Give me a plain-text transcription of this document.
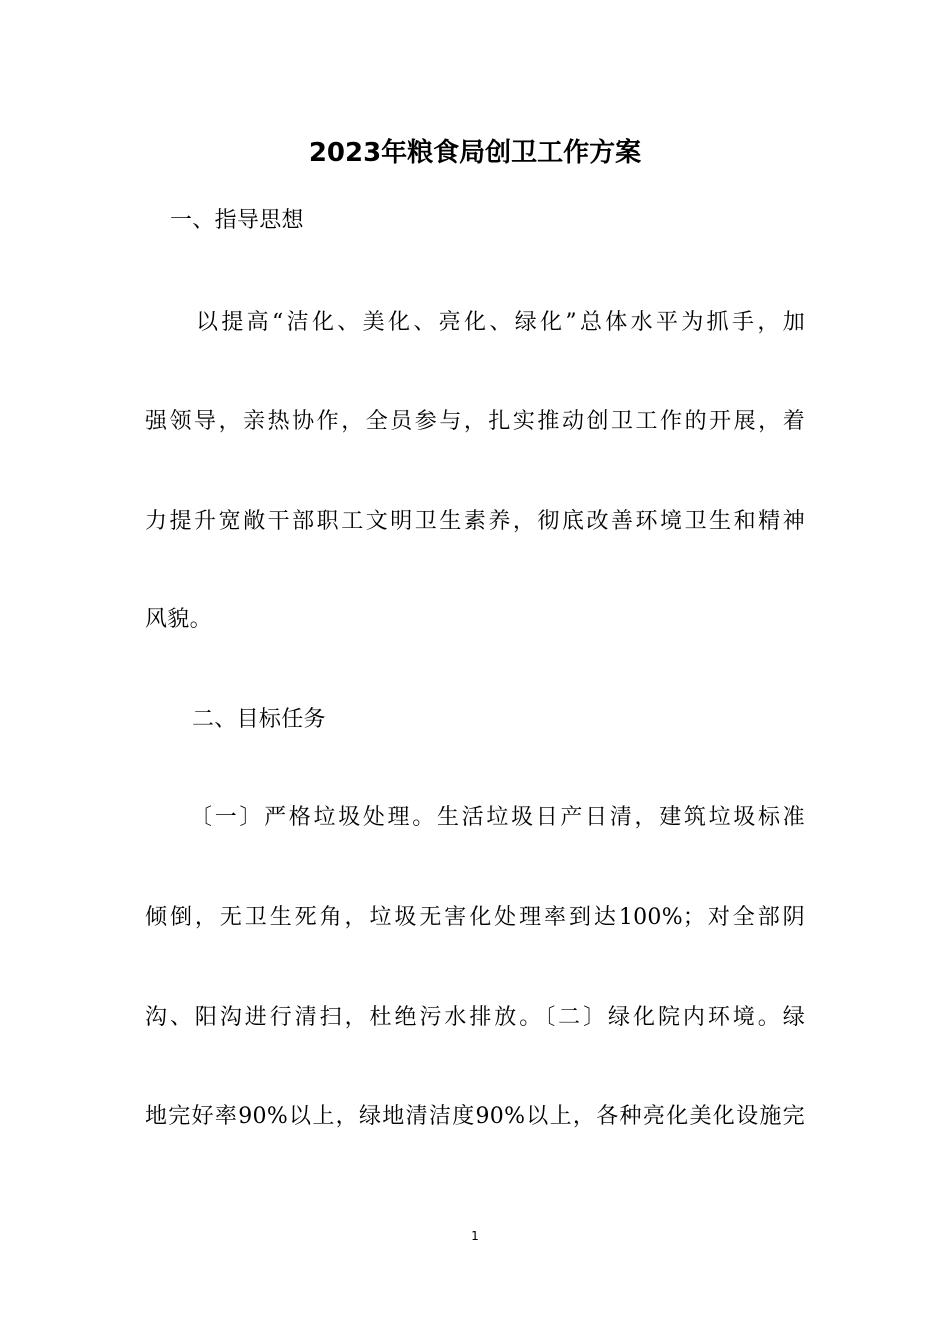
2023年粮食局创卫工作方案
一、指导思想
以提高“洁化、美化、亮化、绿化”总体水平为抓手，加
强领导，亲热协作，全员参与，扎实推动创卫工作的开展，着
力提升宽敞干部职工文明卫生素养，彻底改善环境卫生和精神
风貌。
二、目标任务
〔一〕严格垃圾处理。生活垃圾日产日清，建筑垃圾标准
倾倒，无卫生死角，垃圾无害化处理率到达100%；对全部阴
沟、阳沟进行清扫，杜绝污水排放。〔二〕绿化院内环境。绿
地完好率90%以上，绿地清洁度90%以上，各种亮化美化设施完
1
